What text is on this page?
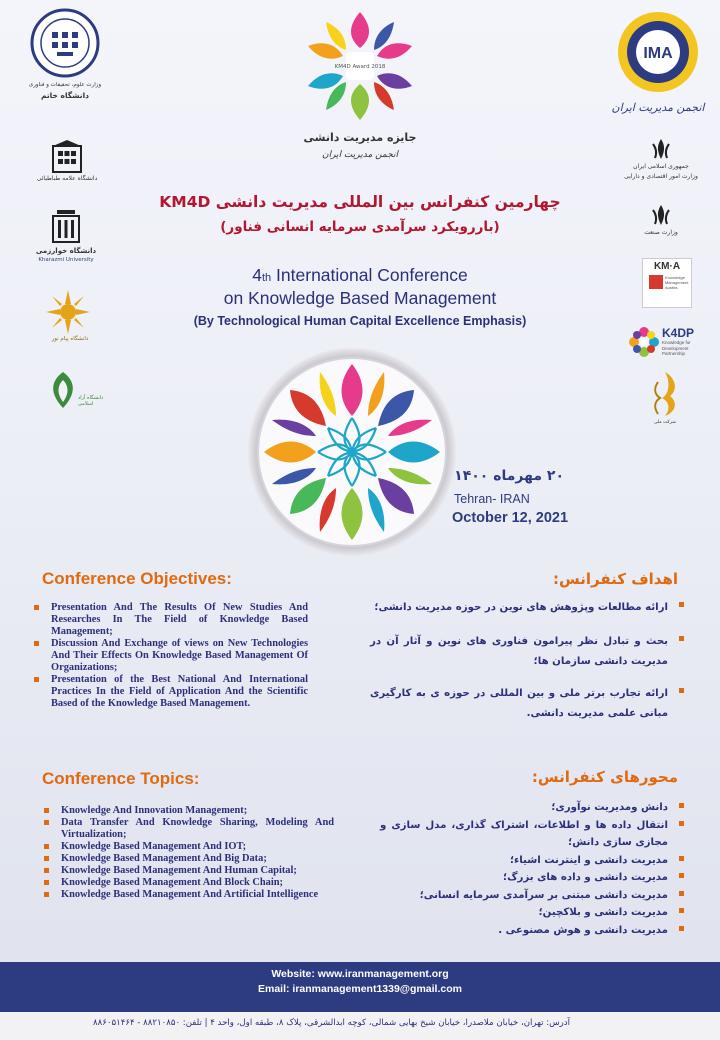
وزارت علوم، تحقیقات و فناوری
دانشگاه خاتم
دانشگاه علامه طباطبائی
دانشگاه خوارزمی
Kharazmi University
دانشگاه پیام نور
دانشگاه آزاد اسلامی
KM4D Award 2018
جایزه مدیریت دانشی
انجمن مدیریت ایران
IMA
انجمن مدیریت ایران
جمهوری اسلامی ایران
وزارت امور اقتصادی و دارایی
وزارت صنعت
KM·A
Knowledge Management Austria
K4DP
Knowledge for Development Partnership
شرکت ملی
چهارمین کنفرانس بین المللی مدیریت دانشی KM4D
(باررویکرد سرآمدی سرمایه انسانی فناور)
4th International Conference
on Knowledge Based Management
(By Technological Human Capital Excellence Emphasis)
۲۰ مهرماه ۱۴۰۰
Tehran- IRAN
October 12, 2021
Conference Objectives:	اهداف کنفرانس:
Presentation And The Results Of New Studies And Researches In The Field of Knowledge Based Management;
Discussion And Exchange of views on New Technologies And Their Effects On Knowledge Based Management Of Organizations;
Presentation of the Best National And International Practices In the Field of Application And the Scientific Based of the Knowledge Based Management.
ارائه مطالعات وپژوهش های نوین در حوزه مدیریت دانشی؛
بحث و تبادل نظر پیرامون فناوری های نوین و آثار آن در مدیریت دانشی سازمان ها؛
ارائه تجارب برتر ملی و بین المللی در حوزه ی به کارگیری مبانی علمی مدیریت دانشی.
Conference Topics:	محورهای کنفرانس:
Knowledge And Innovation Management;
Data Transfer And Knowledge Sharing, Modeling And Virtualization;
Knowledge Based Management And IOT;
Knowledge Based Management And Big Data;
Knowledge Based Management And Human Capital;
Knowledge Based Management And Block Chain;
Knowledge Based Management And Artificial Intelligence
دانش ومدیریت نوآوری؛
انتقال داده ها و اطلاعات، اشتراک گذاری، مدل سازی و مجازی سازی دانش؛
مدیریت دانشی و اینترنت اشیاء؛
مدیریت دانشی و داده های بزرگ؛
مدیریت دانشی مبتنی بر سرآمدی سرمایه انسانی؛
مدیریت دانشی و بلاکچین؛
مدیریت دانشی و هوش مصنوعی .
Website: www.iranmanagement.org
Email: iranmanagement1339@gmail.com
آدرس: تهران، خیابان ملاصدرا، خیابان شیخ بهایی شمالی، کوچه ابدالشرقی، پلاک ۸، طبقه اول، واحد ۴ | تلفن: ۸۸۲۱۰۸۵۰ - ۸۸۶۰۵۱۴۶۴
